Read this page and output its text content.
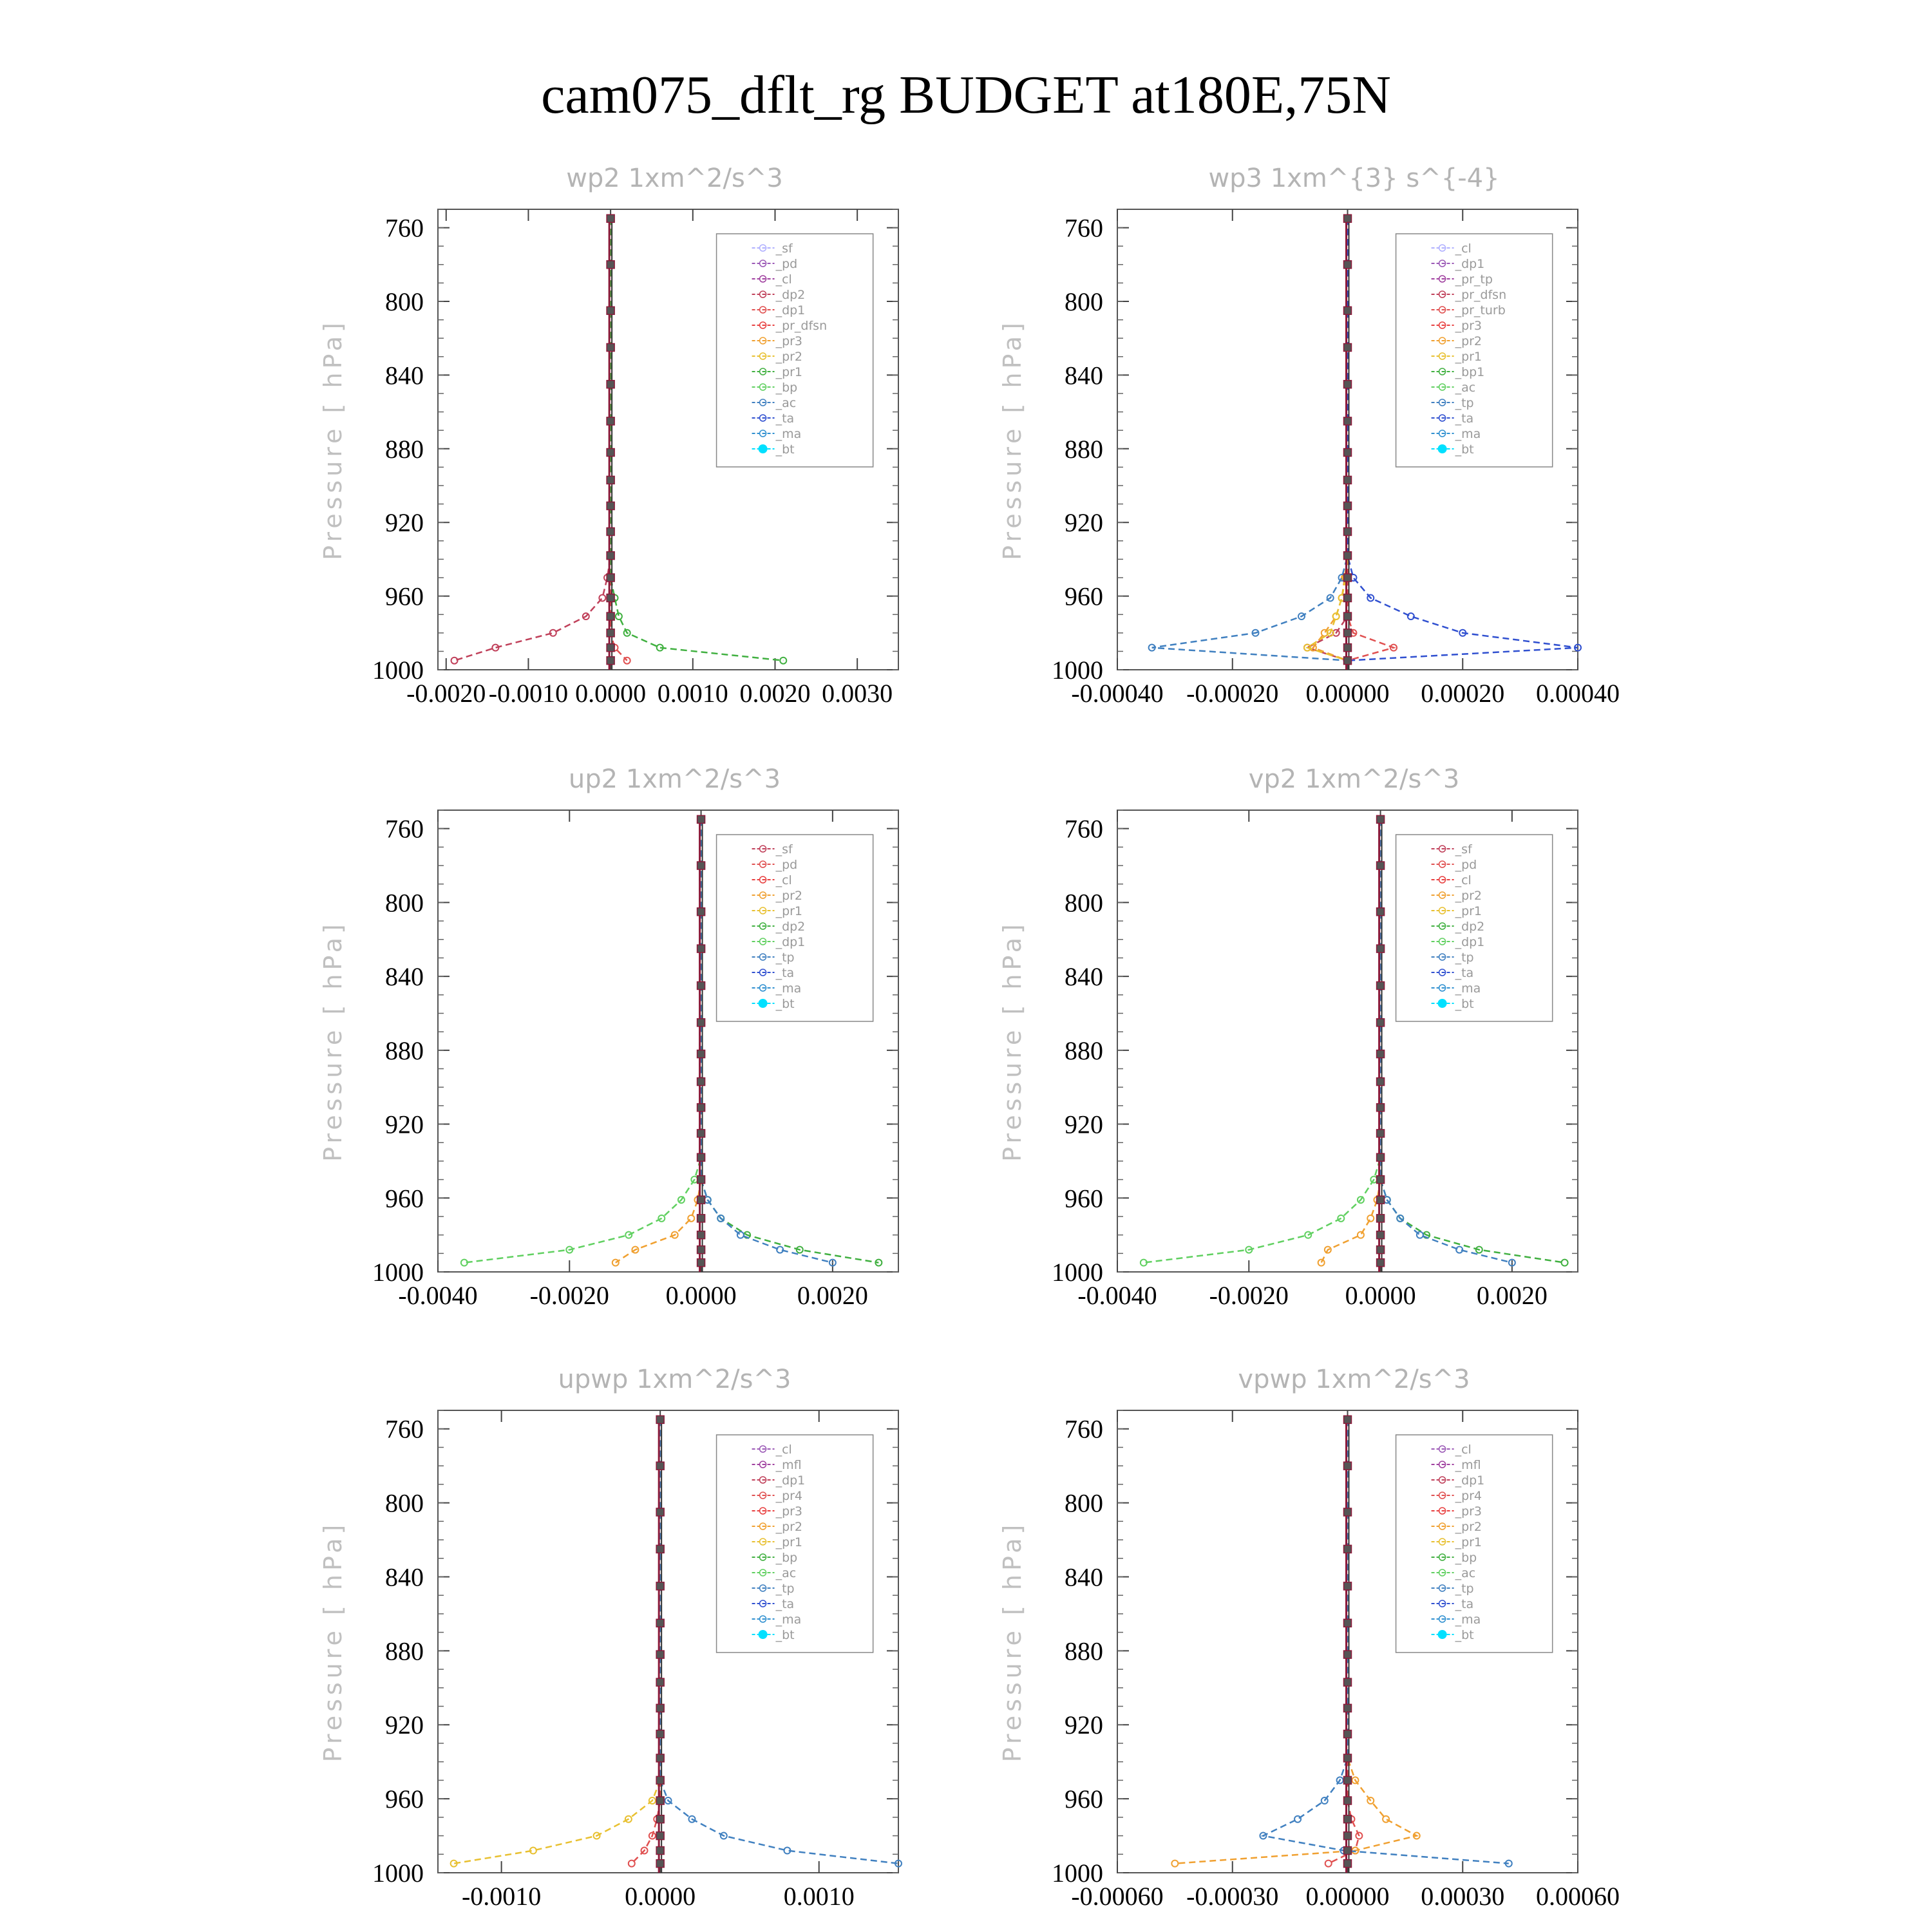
cam075_dflt_rg BUDGET at180E,75N
wp2 1xm^2/s^3
Pressure [ hPa]
760
800
840
880
920
960
1000
-0.0020 -0.0010 0.0000 0.0010 0.0020 0.0030
_sf
_pd
_cl
_dp2
_dp1
_pr_dfsn
_pr3
_pr2
_pr1
_bp
_ac
_ta
_ma
_bt
wp3 1xm^{3} s^{-4}
Pressure [ hPa]
760
800
840
880
920
960
1000
-0.00040 -0.00020 0.00000 0.00020 0.00040
_cl
_dp1
_pr_tp
_pr_dfsn
_pr_turb
_pr3
_pr2
_pr1
_bp1
_ac
_tp
_ta
_ma
_bt
up2 1xm^2/s^3
Pressure [ hPa]
760
800
840
880
920
960
1000
-0.0040 -0.0020 0.0000 0.0020
_sf
_pd
_cl
_pr2
_pr1
_dp2
_dp1
_tp
_ta
_ma
_bt
vp2 1xm^2/s^3
Pressure [ hPa]
760
800
840
880
920
960
1000
-0.0040 -0.0020 0.0000 0.0020
_sf
_pd
_cl
_pr2
_pr1
_dp2
_dp1
_tp
_ta
_ma
_bt
upwp 1xm^2/s^3
Pressure [ hPa]
760
800
840
880
920
960
1000
-0.0010	0.0000	0.0010
_cl
_mfl
_dp1
_pr4
_pr3
_pr2
_pr1
_bp
_ac
_tp
_ta
_ma
_bt
vpwp 1xm^2/s^3
Pressure [ hPa]
760
800
840
880
920
960
1000
-0.00060 -0.00030 0.00000 0.00030 0.00060
_cl
_mfl
_dp1
_pr4
_pr3
_pr2
_pr1
_bp
_ac
_tp
_ta
_ma
_bt
